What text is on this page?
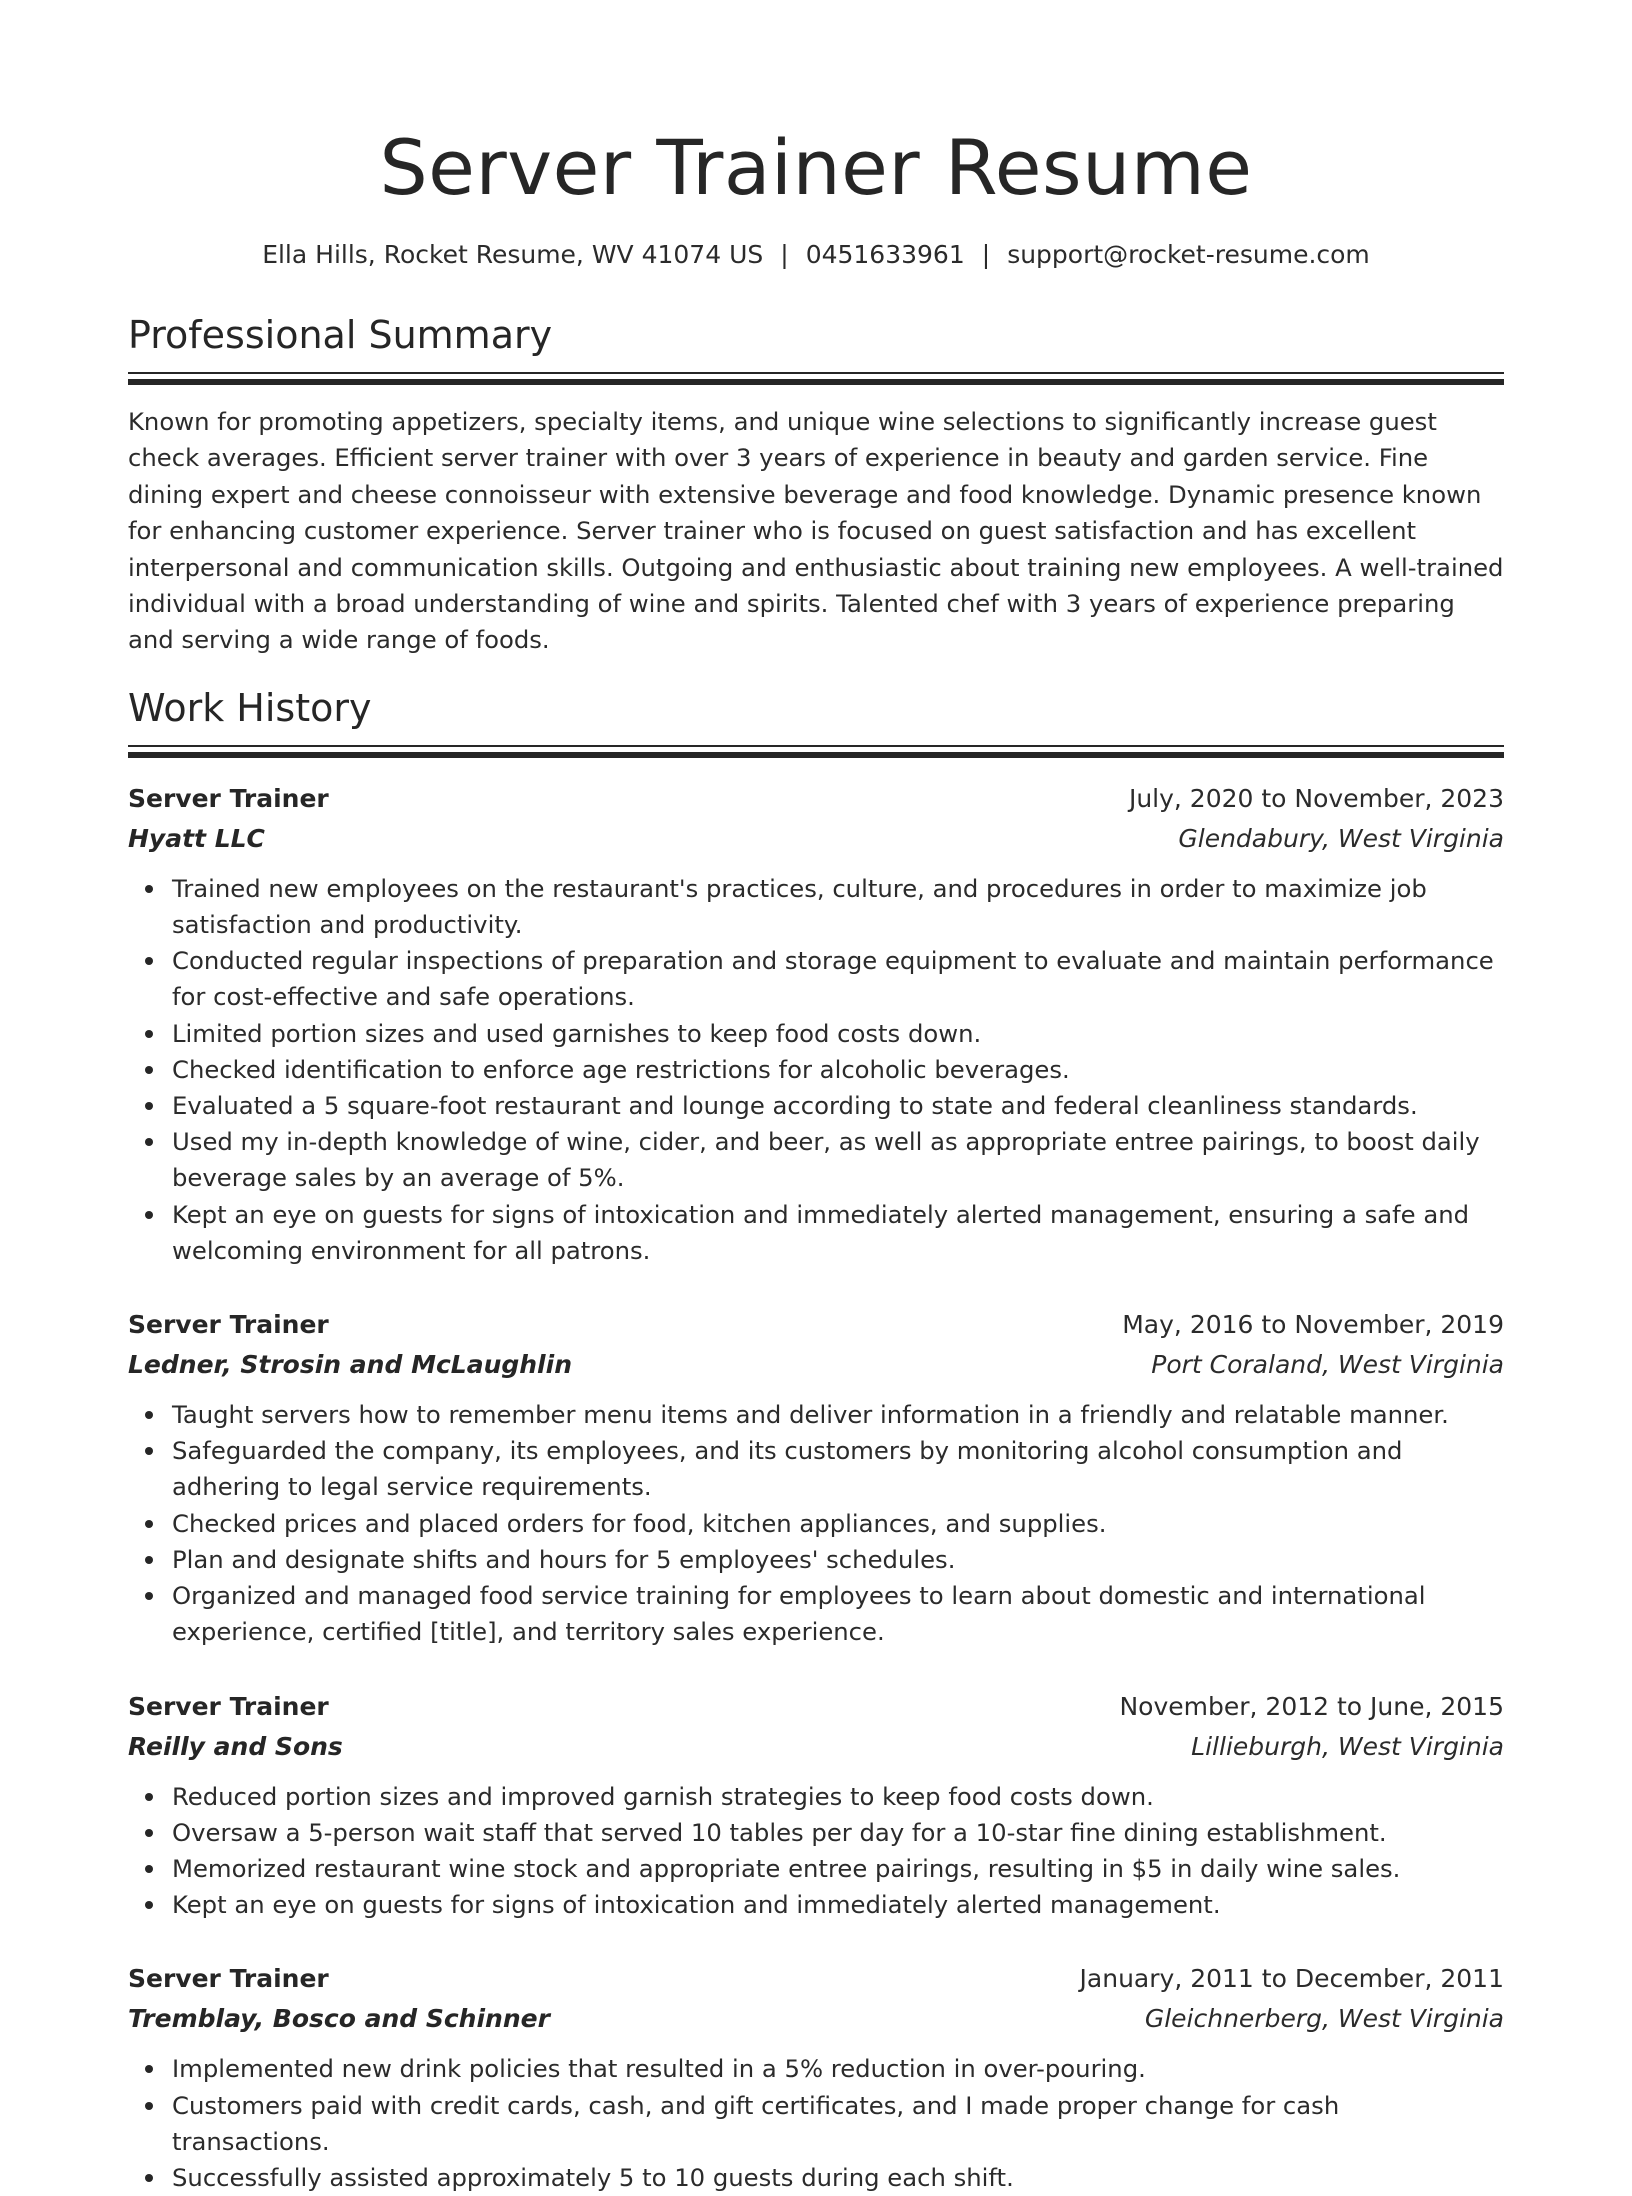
Server Trainer Resume
Ella Hills, Rocket Resume, WV 41074 US | 0451633961 | support@rocket-resume.com
Professional Summary

Known for promoting appetizers, specialty items, and unique wine selections to significantly increase guest check averages. Efficient server trainer with over 3 years of experience in beauty and garden service. Fine dining expert and cheese connoisseur with extensive beverage and food knowledge. Dynamic presence known for enhancing customer experience. Server trainer who is focused on guest satisfaction and has excellent interpersonal and communication skills. Outgoing and enthusiastic about training new employees. A well-trained individual with a broad understanding of wine and spirits. Talented chef with 3 years of experience preparing and serving a wide range of foods.

Work History
Server Trainer	July, 2020 to November, 2023
Hyatt LLC	Glendabury, West Virginia
Trained new employees on the restaurant's practices, culture, and procedures in order to maximize job satisfaction and productivity.
Conducted regular inspections of preparation and storage equipment to evaluate and maintain performance for cost-effective and safe operations.
Limited portion sizes and used garnishes to keep food costs down.
Checked identification to enforce age restrictions for alcoholic beverages.
Evaluated a 5 square-foot restaurant and lounge according to state and federal cleanliness standards.
Used my in-depth knowledge of wine, cider, and beer, as well as appropriate entree pairings, to boost daily beverage sales by an average of 5%.
Kept an eye on guests for signs of intoxication and immediately alerted management, ensuring a safe and welcoming environment for all patrons.
Server Trainer	May, 2016 to November, 2019
Ledner, Strosin and McLaughlin	Port Coraland, West Virginia
Taught servers how to remember menu items and deliver information in a friendly and relatable manner.
Safeguarded the company, its employees, and its customers by monitoring alcohol consumption and adhering to legal service requirements.
Checked prices and placed orders for food, kitchen appliances, and supplies.
Plan and designate shifts and hours for 5 employees' schedules.
Organized and managed food service training for employees to learn about domestic and international experience, certified [title], and territory sales experience.
Server Trainer	November, 2012 to June, 2015
Reilly and Sons	Lillieburgh, West Virginia
Reduced portion sizes and improved garnish strategies to keep food costs down.
Oversaw a 5-person wait staff that served 10 tables per day for a 10-star fine dining establishment.
Memorized restaurant wine stock and appropriate entree pairings, resulting in $5 in daily wine sales.
Kept an eye on guests for signs of intoxication and immediately alerted management.
Server Trainer	January, 2011 to December, 2011
Tremblay, Bosco and Schinner	Gleichnerberg, West Virginia
Implemented new drink policies that resulted in a 5% reduction in over-pouring.
Customers paid with credit cards, cash, and gift certificates, and I made proper change for cash transactions.
Successfully assisted approximately 5 to 10 guests during each shift.
